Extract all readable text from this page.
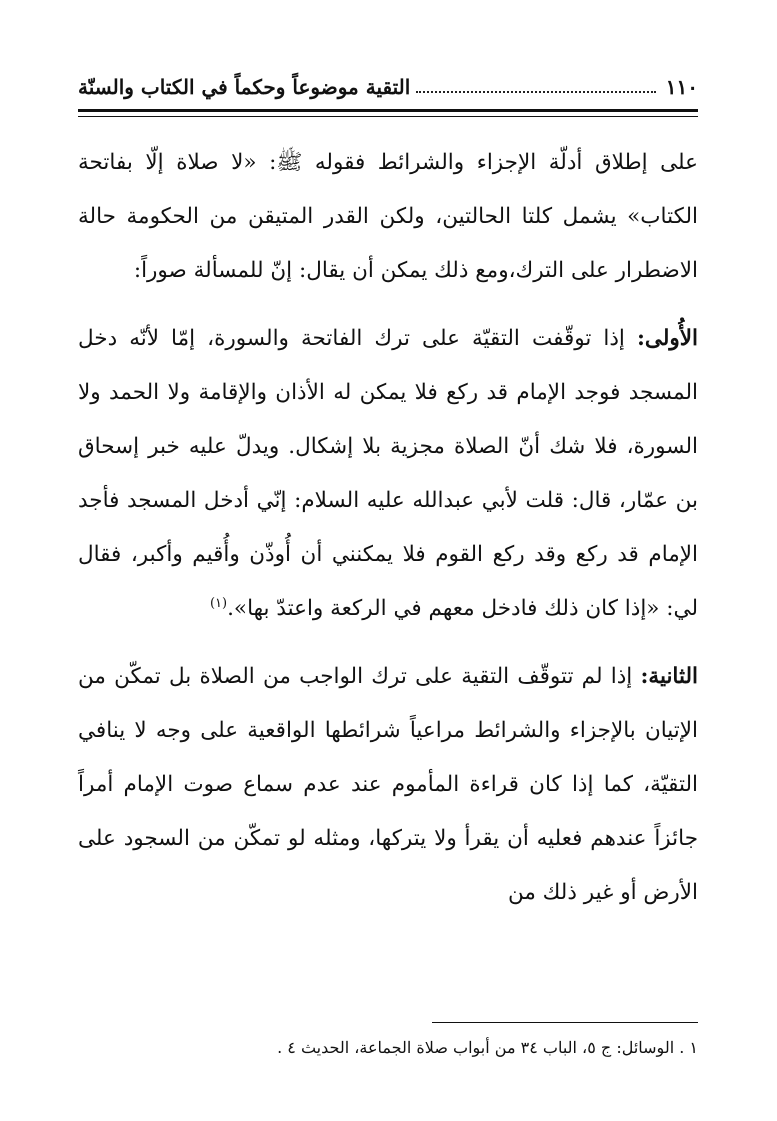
١١٠
التقية موضوعاً وحكماً في الكتاب والسنّة

على إطلاق أدلّة الإجزاء والشرائط فقوله ﷺ: «لا صلاة إلّا بفاتحة الكتاب» يشمل كلتا الحالتين، ولكن القدر المتيقن من الحكومة حالة الاضطرار على الترك،ومع ذلك يمكن أن يقال: إنّ للمسألة صوراً:

الأُولى: إذا توقّفت التقيّة على ترك الفاتحة والسورة، إمّا لأنّه دخل المسجد فوجد الإمام قد ركع فلا يمكن له الأذان والإقامة ولا الحمد ولا السورة، فلا شك أنّ الصلاة مجزية بلا إشكال. ويدلّ عليه خبر إسحاق بن عمّار، قال: قلت لأبي عبدالله عليه السلام: إنّي أدخل المسجد فأجد الإمام قد ركع وقد ركع القوم فلا يمكنني أن أُوذّن وأُقيم وأكبر، فقال لي: «إذا كان ذلك فادخل معهم في الركعة واعتدّ بها».$^{(١)}$

الثانية: إذا لم تتوقّف التقية على ترك الواجب من الصلاة بل تمكّن من الإتيان بالإجزاء والشرائط مراعياً شرائطها الواقعية على وجه لا ينافي التقيّة، كما إذا كان قراءة المأموم عند عدم سماع صوت الإمام أمراً جائزاً عندهم فعليه أن يقرأ ولا يتركها، ومثله لو تمكّن من السجود على الأرض أو غير ذلك من

١ . الوسائل: ج ٥، الباب ٣٤ من أبواب صلاة الجماعة، الحديث ٤ .
